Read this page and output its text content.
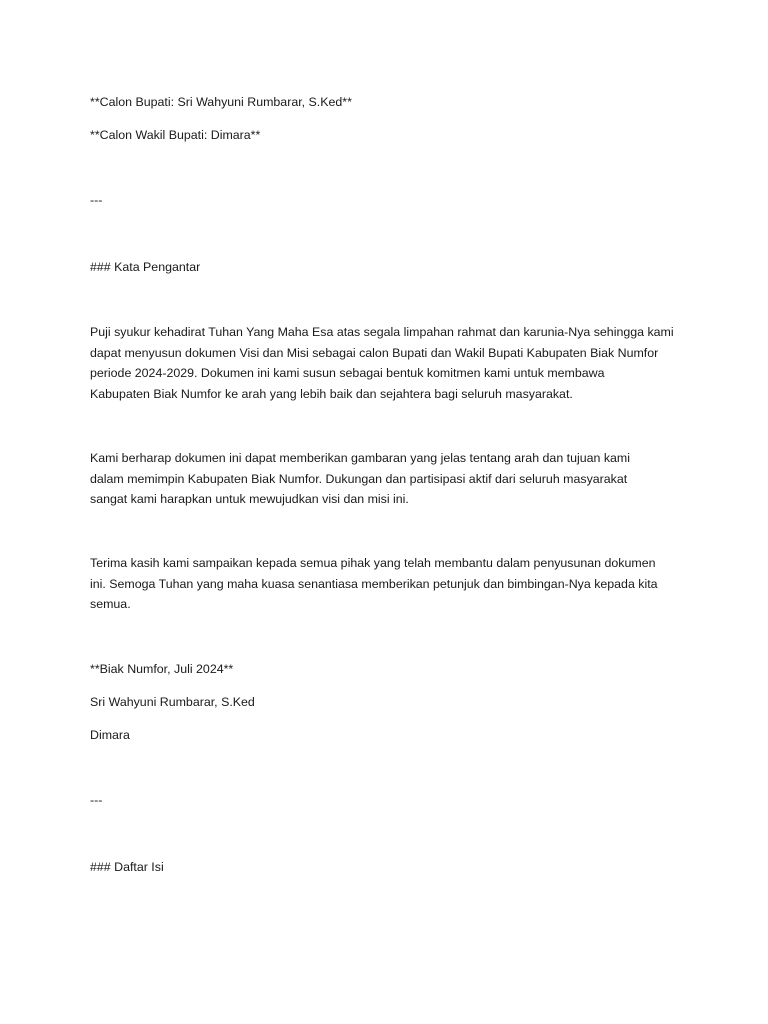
**Calon Bupati: Sri Wahyuni Rumbarar, S.Ked**

**Calon Wakil Bupati: Dimara**

---

### Kata Pengantar

Puji syukur kehadirat Tuhan Yang Maha Esa atas segala limpahan rahmat dan karunia-Nya sehingga kami
dapat menyusun dokumen Visi dan Misi sebagai calon Bupati dan Wakil Bupati Kabupaten Biak Numfor
periode 2024-2029. Dokumen ini kami susun sebagai bentuk komitmen kami untuk membawa
Kabupaten Biak Numfor ke arah yang lebih baik dan sejahtera bagi seluruh masyarakat.
Kami berharap dokumen ini dapat memberikan gambaran yang jelas tentang arah dan tujuan kami
dalam memimpin Kabupaten Biak Numfor. Dukungan dan partisipasi aktif dari seluruh masyarakat
sangat kami harapkan untuk mewujudkan visi dan misi ini.
Terima kasih kami sampaikan kepada semua pihak yang telah membantu dalam penyusunan dokumen
ini. Semoga Tuhan yang maha kuasa senantiasa memberikan petunjuk dan bimbingan-Nya kepada kita
semua.

**Biak Numfor, Juli 2024**

Sri Wahyuni Rumbarar, S.Ked

Dimara

---

### Daftar Isi
